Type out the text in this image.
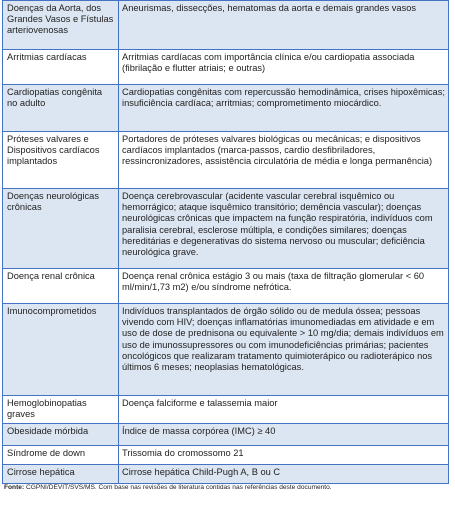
Doenças da Aorta, dos Grandes Vasos e Fístulas arteriovenosas	Aneurismas, dissecções, hematomas da aorta e demais grandes vasos
Arritmias cardíacas	Arritmias cardíacas com importância clínica e/ou cardiopatia associada (fibrilação e flutter atriais; e outras)
Cardiopatias congênita no adulto	Cardiopatias congênitas com repercussão hemodinâmica, crises hipoxêmicas; insuficiência cardíaca; arritmias; comprometimento miocárdico.
Próteses valvares e Dispositivos cardíacos implantados	Portadores de próteses valvares biológicas ou mecânicas; e dispositivos cardíacos implantados (marca-passos, cardio desfibriladores, ressincronizadores, assistência circulatória de média e longa permanência)
Doenças neurológicas crônicas	Doença cerebrovascular (acidente vascular cerebral isquêmico ou hemorrágico; ataque isquêmico transitório; demência vascular); doenças neurológicas crônicas que impactem na função respiratória, indivíduos com paralisia cerebral, esclerose múltipla, e condições similares; doenças hereditárias e degenerativas do sistema nervoso ou muscular; deficiência neurológica grave.
Doença renal crônica	Doença renal crônica estágio 3 ou mais (taxa de filtração glomerular < 60 ml/min/1,73 m2) e/ou síndrome nefrótica.
Imunocomprometidos	Indivíduos transplantados de órgão sólido ou de medula óssea; pessoas vivendo com HIV; doenças inflamatórias imunomediadas em atividade e em uso de dose de prednisona ou equivalente > 10 mg/dia; demais indivíduos em uso de imunossupressores ou com imunodeficiências primárias; pacientes oncológicos que realizaram tratamento quimioterápico ou radioterápico nos últimos 6 meses; neoplasias hematológicas.
Hemoglobinopatias graves	Doença falciforme e talassemia maior
Obesidade mórbida	Índice de massa corpórea (IMC) ≥ 40
Síndrome de down	Trissomia do cromossomo 21
Cirrose hepática	Cirrose hepática Child-Pugh A, B ou C
Fonte: CGPNI/DEVIT/SVS/MS. Com base nas revisões de literatura contidas nas referências deste documento.
